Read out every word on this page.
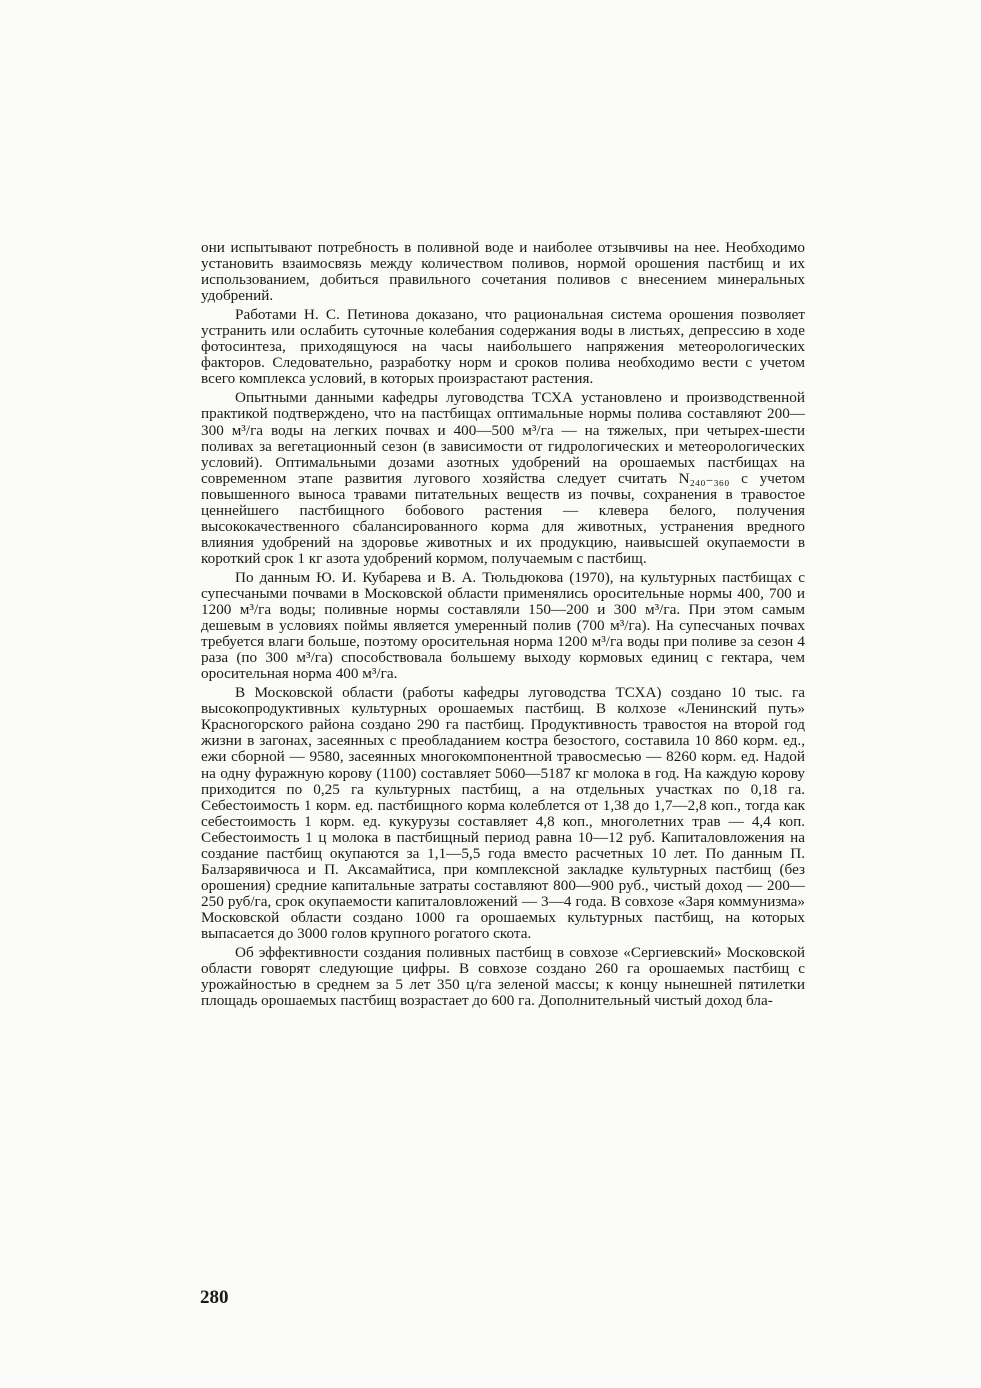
они испытывают потребность в поливной воде и наиболее отзывчивы на нее. Необходимо установить взаимосвязь между количеством поливов, нормой орошения пастбищ и их использованием, добиться правильного сочетания поливов с внесением минеральных удобрений.

Работами Н. С. Петинова доказано, что рациональная система орошения позволяет устранить или ослабить суточные колебания содержания воды в листьях, депрессию в ходе фотосинтеза, приходящуюся на часы наибольшего напряжения метеорологических факторов. Следовательно, разработку норм и сроков полива необходимо вести с учетом всего комплекса условий, в которых произрастают растения.

Опытными данными кафедры луговодства ТСХА установлено и производственной практикой подтверждено, что на пастбищах оптимальные нормы полива составляют 200—300 м³/га воды на легких почвах и 400—500 м³/га — на тяжелых, при четырех-шести поливах за вегетационный сезон (в зависимости от гидрологических и метеорологических условий). Оптимальными дозами азотных удобрений на орошаемых пастбищах на современном этапе развития лугового хозяйства следует считать N₂₄₀₋₃₆₀ с учетом повышенного выноса травами питательных веществ из почвы, сохранения в травостое ценнейшего пастбищного бобового растения — клевера белого, получения высококачественного сбалансированного корма для животных, устранения вредного влияния удобрений на здоровье животных и их продукцию, наивысшей окупаемости в короткий срок 1 кг азота удобрений кормом, получаемым с пастбищ.

По данным Ю. И. Кубарева и В. А. Тюльдюкова (1970), на культурных пастбищах с супесчаными почвами в Московской области применялись оросительные нормы 400, 700 и 1200 м³/га воды; поливные нормы составляли 150—200 и 300 м³/га. При этом самым дешевым в условиях поймы является умеренный полив (700 м³/га). На супесчаных почвах требуется влаги больше, поэтому оросительная норма 1200 м³/га воды при поливе за сезон 4 раза (по 300 м³/га) способствовала большему выходу кормовых единиц с гектара, чем оросительная норма 400 м³/га.

В Московской области (работы кафедры луговодства ТСХА) создано 10 тыс. га высокопродуктивных культурных орошаемых пастбищ. В колхозе «Ленинский путь» Красногорского района создано 290 га пастбищ. Продуктивность травостоя на второй год жизни в загонах, засеянных с преобладанием костра безостого, составила 10 860 корм. ед., ежи сборной — 9580, засеянных многокомпонентной травосмесью — 8260 корм. ед. Надой на одну фуражную корову (1100) составляет 5060—5187 кг молока в год. На каждую корову приходится по 0,25 га культурных пастбищ, а на отдельных участках по 0,18 га. Себестоимость 1 корм. ед. пастбищного корма колеблется от 1,38 до 1,7—2,8 коп., тогда как себестоимость 1 корм. ед. кукурузы составляет 4,8 коп., многолетних трав — 4,4 коп. Себестоимость 1 ц молока в пастбищный период равна 10—12 руб. Капиталовложения на создание пастбищ окупаются за 1,1—5,5 года вместо расчетных 10 лет. По данным П. Балзарявичюса и П. Аксамайтиса, при комплексной закладке культурных пастбищ (без орошения) средние капитальные затраты составляют 800—900 руб., чистый доход — 200—250 руб/га, срок окупаемости капиталовложений — 3—4 года. В совхозе «Заря коммунизма» Московской области создано 1000 га орошаемых культурных пастбищ, на которых выпасается до 3000 голов крупного рогатого скота.

Об эффективности создания поливных пастбищ в совхозе «Сергиевский» Московской области говорят следующие цифры. В совхозе создано 260 га орошаемых пастбищ с урожайностью в среднем за 5 лет 350 ц/га зеленой массы; к концу нынешней пятилетки площадь орошаемых пастбищ возрастает до 600 га. Дополнительный чистый доход бла-

280
